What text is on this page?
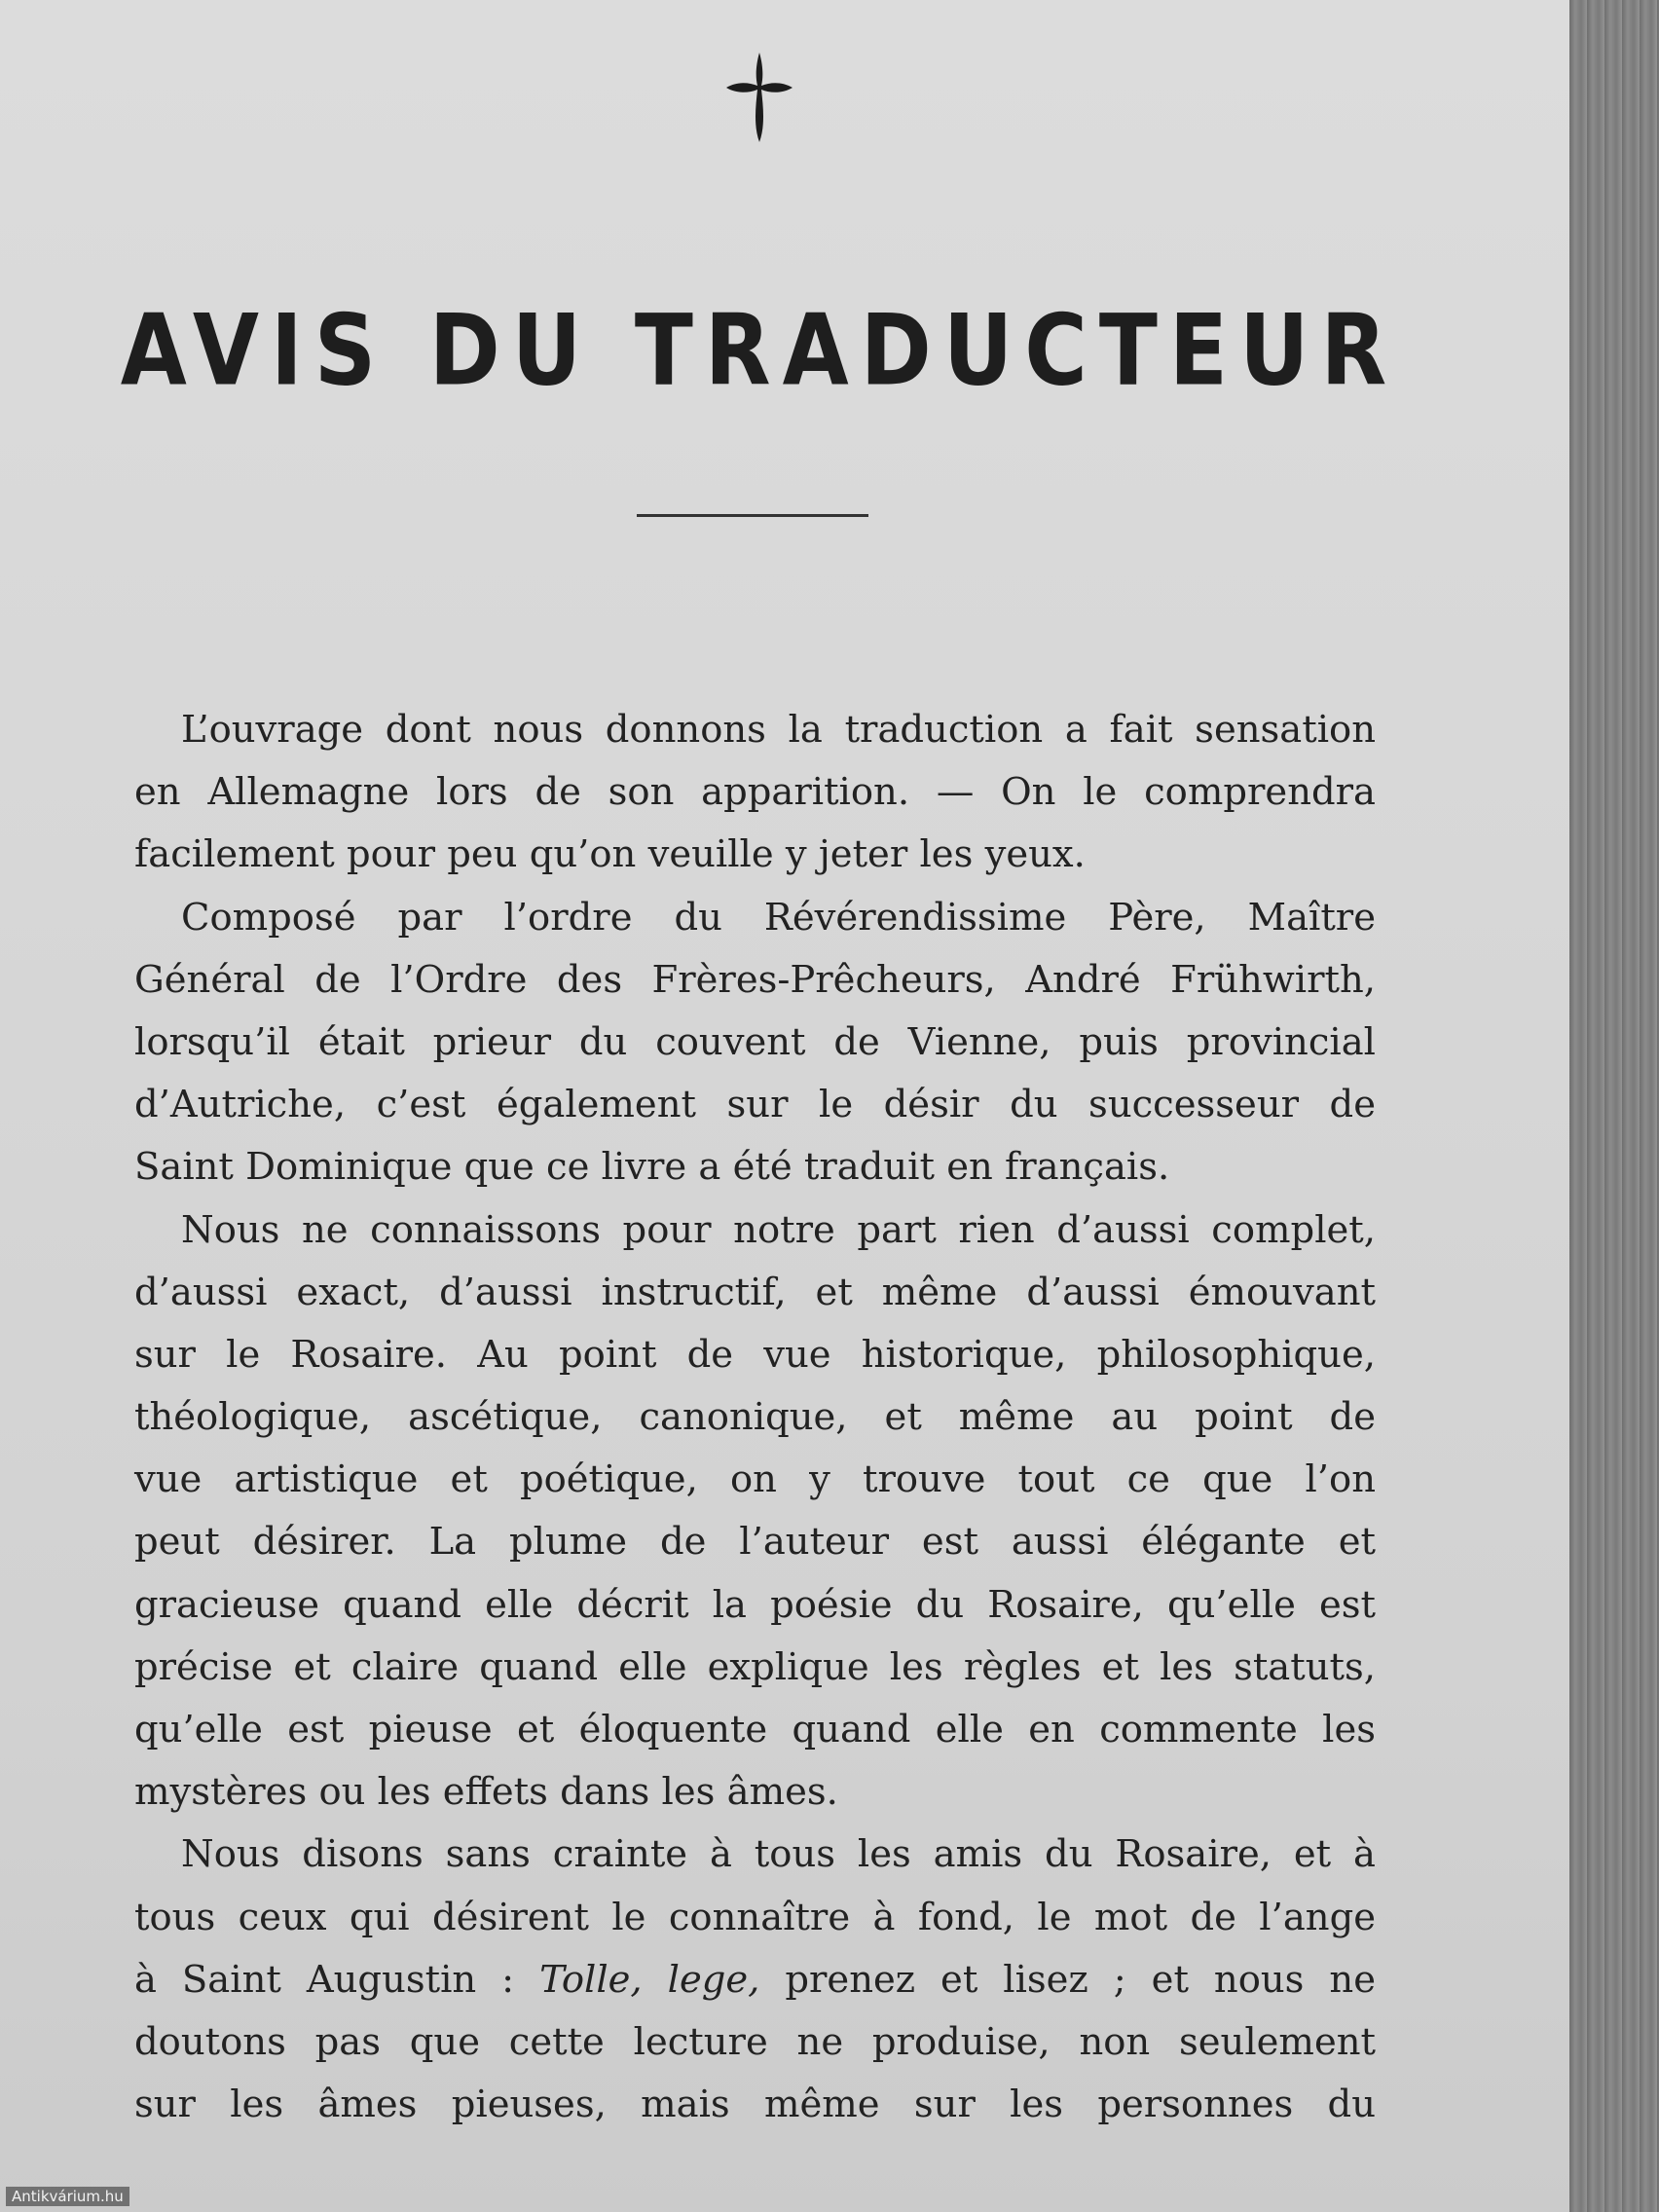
AVIS DU TRADUCTEUR
L’ouvrage dont nous donnons la traduction a fait sensation
en Allemagne lors de son apparition. — On le comprendra
facilement pour peu qu’on veuille y jeter les yeux.
Composé par l’ordre du Révérendissime Père, Maître
Général de l’Ordre des Frères-Prêcheurs, André Frühwirth,
lorsqu’il était prieur du couvent de Vienne, puis provincial
d’Autriche, c’est également sur le désir du successeur de
Saint Dominique que ce livre a été traduit en français.
Nous ne connaissons pour notre part rien d’aussi complet,
d’aussi exact, d’aussi instructif, et même d’aussi émouvant
sur le Rosaire. Au point de vue historique, philosophique,
théologique, ascétique, canonique, et même au point de
vue artistique et poétique, on y trouve tout ce que l’on
peut désirer. La plume de l’auteur est aussi élégante et
gracieuse quand elle décrit la poésie du Rosaire, qu’elle est
précise et claire quand elle explique les règles et les statuts,
qu’elle est pieuse et éloquente quand elle en commente les
mystères ou les effets dans les âmes.
Nous disons sans crainte à tous les amis du Rosaire, et à
tous ceux qui désirent le connaître à fond, le mot de l’ange
à Saint Augustin : Tolle, lege, prenez et lisez ; et nous ne
doutons pas que cette lecture ne produise, non seulement
sur les âmes pieuses, mais même sur les personnes du
Antikvárium.hu
